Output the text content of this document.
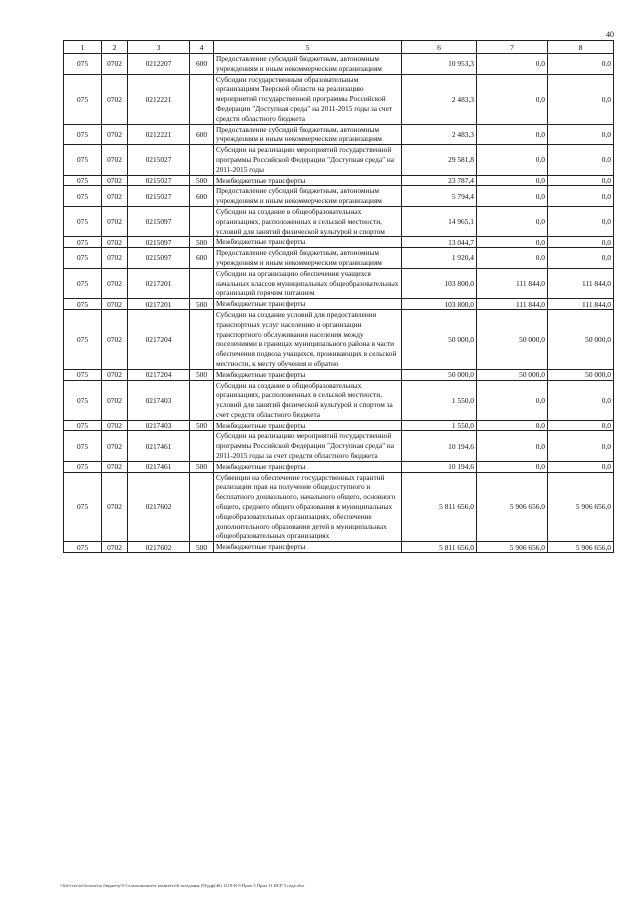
40
1	2	3	4	5	6	7	8
075	0702	0212207	600	Предоставление субсидий бюджетным, автономным учреждениям и иным некоммерческим организациям	10 953,3	0,0	0,0
075	0702	0212221		Субсидии государственным образовательным организациям Тверской области на реализацию мероприятий государственной программы Российской Федерации "Доступная среда" на 2011-2015 годы за счет средств областного бюджета	2 483,3	0,0	0,0
075	0702	0212221	600	Предоставление субсидий бюджетным, автономным учреждениям и иным некоммерческим организациям	2 483,3	0,0	0,0
075	0702	0215027		Субсидии на реализацию мероприятий государственной программы Российской Федерации "Доступная среда" на 2011-2015 годы	29 581,8	0,0	0,0
075	0702	0215027	500	Межбюджетные трансферты	23 787,4	0,0	0,0
075	0702	0215027	600	Предоставление субсидий бюджетным, автономным учреждениям и иным некоммерческим организациям	5 794,4	0,0	0,0
075	0702	0215097		Субсидии на создание в общеобразовательных организациях, расположенных в сельской местности, условий для занятий физической культурой и спортом	14 965,1	0,0	0,0
075	0702	0215097	500	Межбюджетные трансферты	13 044,7	0,0	0,0
075	0702	0215097	600	Предоставление субсидий бюджетным, автономным учреждениям и иным некоммерческим организациям	1 920,4	0,0	0,0
075	0702	0217201		Субсидии на организацию обеспечения учащихся начальных классов муниципальных общеобразовательных организаций горячим питанием	103 800,0	111 844,0	111 844,0
075	0702	0217201	500	Межбюджетные трансферты	103 800,0	111 844,0	111 844,0
075	0702	0217204		Субсидии на создание условий для предоставления транспортных услуг населению и организации транспортного обслуживания населения между поселениями в границах муниципального района в части обеспечения подвоза учащихся, проживающих в сельской местности, к месту обучения и обратно	50 000,0	50 000,0	50 000,0
075	0702	0217204	500	Межбюджетные трансферты	50 000,0	50 000,0	50 000,0
075	0702	0217403		Субсидии на создание в общеобразовательных организациях, расположенных в сельской местности, условий для занятий физической культурой и спортом за счет средств областного бюджета	1 550,0	0,0	0,0
075	0702	0217403	500	Межбюджетные трансферты	1 550,0	0,0	0,0
075	0702	0217461		Субсидии на реализацию мероприятий государственной программы Российской Федерации "Доступная среда" на 2011-2015 годы за счет средств областного бюджета	10 194,6	0,0	0,0
075	0702	0217461	500	Межбюджетные трансферты	10 194,6	0,0	0,0
075	0702	0217602		Субвенции на обеспечение государственных гарантий реализации прав на получение общедоступного и бесплатного дошкольного, начального общего, основного общего, среднего общего образования в муниципальных общеобразовательных организациях, обеспечение дополнительного образования детей в муниципальных общеобразовательных организациях	5 811 656,0	5 906 656,0	5 906 656,0
075	0702	0217602	500	Межбюджетные трансферты	5 811 656,0	5 906 656,0	5 906 656,0
\\file-tver\ref\почта\по бюджету\5 Сельхозкомитет комитета\6 заседания (9)\рдр(46) 1219-II-5\Прил 5 Прил 11 ВСР 5 года.xlsx
